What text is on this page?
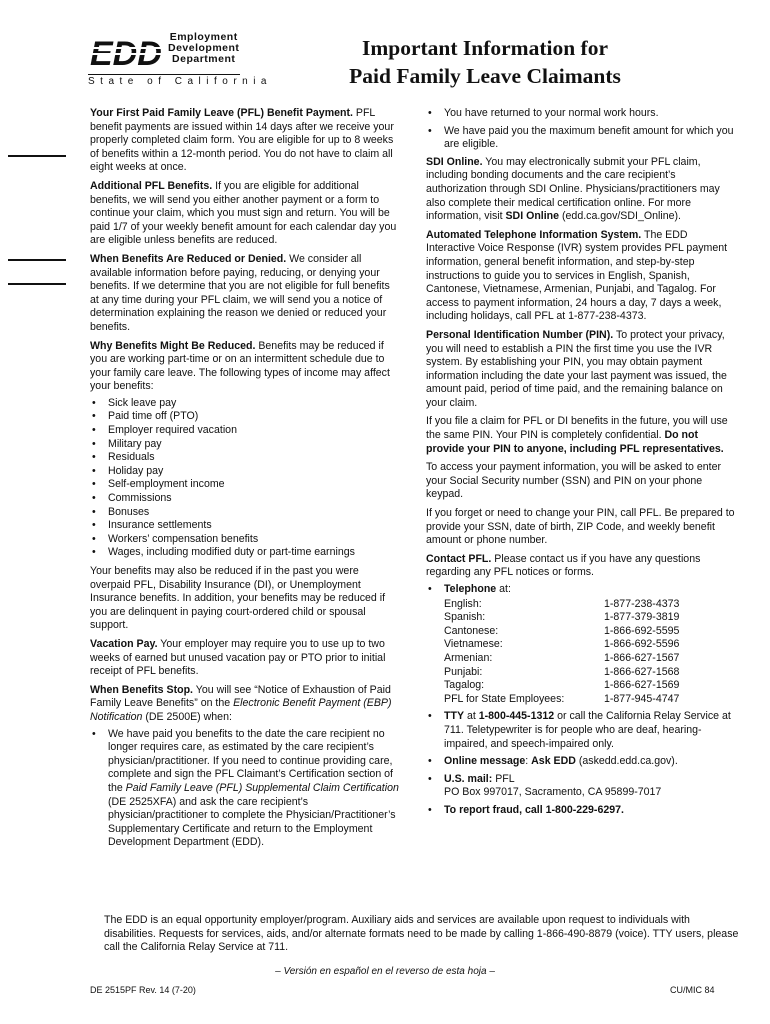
EDD Employment
Development
Department
State of California
Important Information for
Paid Family Leave Claimants

Your First Paid Family Leave (PFL) Benefit Payment. PFL benefit payments are issued within 14 days after we receive your properly completed claim form. You are eligible for up to 8 weeks of benefits within a 12-month period. You do not have to claim all eight weeks at once.

Additional PFL Benefits. If you are eligible for additional benefits, we will send you either another payment or a form to continue your claim, which you must sign and return. You will be paid 1/7 of your weekly benefit amount for each calendar day you are eligible unless benefits are reduced.

When Benefits Are Reduced or Denied. We consider all available information before paying, reducing, or denying your benefits. If we determine that you are not eligible for full benefits at any time during your PFL claim, we will send you a notice of determination explaining the reason we denied or reduced your benefits.

Why Benefits Might Be Reduced. Benefits may be reduced if you are working part-time or on an intermittent schedule due to your family care leave. The following types of income may affect your benefits:

• Sick leave pay
• Paid time off (PTO)
• Employer required vacation
• Military pay
• Residuals
• Holiday pay
• Self-employment income
• Commissions
• Bonuses
• Insurance settlements
• Workers’ compensation benefits
• Wages, including modified duty or part-time earnings

Your benefits may also be reduced if in the past you were overpaid PFL, Disability Insurance (DI), or Unemployment Insurance benefits. In addition, your benefits may be reduced if you are delinquent in paying court-ordered child or spousal support.

Vacation Pay. Your employer may require you to use up to two weeks of earned but unused vacation pay or PTO prior to initial receipt of PFL benefits.

When Benefits Stop. You will see “Notice of Exhaustion of Paid Family Leave Benefits” on the Electronic Benefit Payment (EBP) Notification (DE 2500E) when:

• We have paid you benefits to the date the care recipient no longer requires care, as estimated by the care recipient’s physician/practitioner. If you need to continue providing care, complete and sign the PFL Claimant’s Certification section of the Paid Family Leave (PFL) Supplemental Claim Certification (DE 2525XFA) and ask the care recipient’s physician/practitioner to complete the Physician/Practitioner’s Supplementary Certificate and return to the Employment Development Department (EDD).
• You have returned to your normal work hours.
• We have paid you the maximum benefit amount for which you are eligible.

SDI Online. You may electronically submit your PFL claim, including bonding documents and the care recipient’s authorization through SDI Online. Physicians/practitioners may also complete their medical certification online. For more information, visit SDI Online (edd.ca.gov/SDI_Online).

Automated Telephone Information System. The EDD Interactive Voice Response (IVR) system provides PFL payment information, general benefit information, and step-by-step instructions to guide you to services in English, Spanish, Cantonese, Vietnamese, Armenian, Punjabi, and Tagalog. For access to payment information, 24 hours a day, 7 days a week, including holidays, call PFL at 1-877-238-4373.

Personal Identification Number (PIN). To protect your privacy, you will need to establish a PIN the first time you use the IVR system. By establishing your PIN, you may obtain payment information including the date your last payment was issued, the amount paid, period of time paid, and the remaining balance on your claim.

If you file a claim for PFL or DI benefits in the future, you will use the same PIN. Your PIN is completely confidential. Do not provide your PIN to anyone, including PFL representatives.

To access your payment information, you will be asked to enter your Social Security number (SSN) and PIN on your phone keypad.

If you forget or need to change your PIN, call PFL. Be prepared to provide your SSN, date of birth, ZIP Code, and weekly benefit amount or phone number.

Contact PFL. Please contact us if you have any questions regarding any PFL notices or forms.

• Telephone at:
English:	1-877-238-4373
Spanish:	1-877-379-3819
Cantonese:	1-866-692-5595
Vietnamese:	1-866-692-5596
Armenian:	1-866-627-1567
Punjabi:	1-866-627-1568
Tagalog:	1-866-627-1569
PFL for State Employees:	1-877-945-4747
• TTY at 1-800-445-1312 or call the California Relay Service at 711. Teletypewriter is for people who are deaf, hearing-impaired, and speech-impaired only.
• Online message: Ask EDD (askedd.edd.ca.gov).
• U.S. mail: PFL
PO Box 997017, Sacramento, CA 95899-7017
• To report fraud, call 1-800-229-6297.
The EDD is an equal opportunity employer/program. Auxiliary aids and services are available upon request to individuals with disabilities. Requests for services, aids, and/or alternate formats need to be made by calling 1-866-490-8879 (voice). TTY users, please call the California Relay Service at 711.
– Versión en español en el reverso de esta hoja –
DE 2515PF Rev. 14 (7-20)	CU/MIC 84
